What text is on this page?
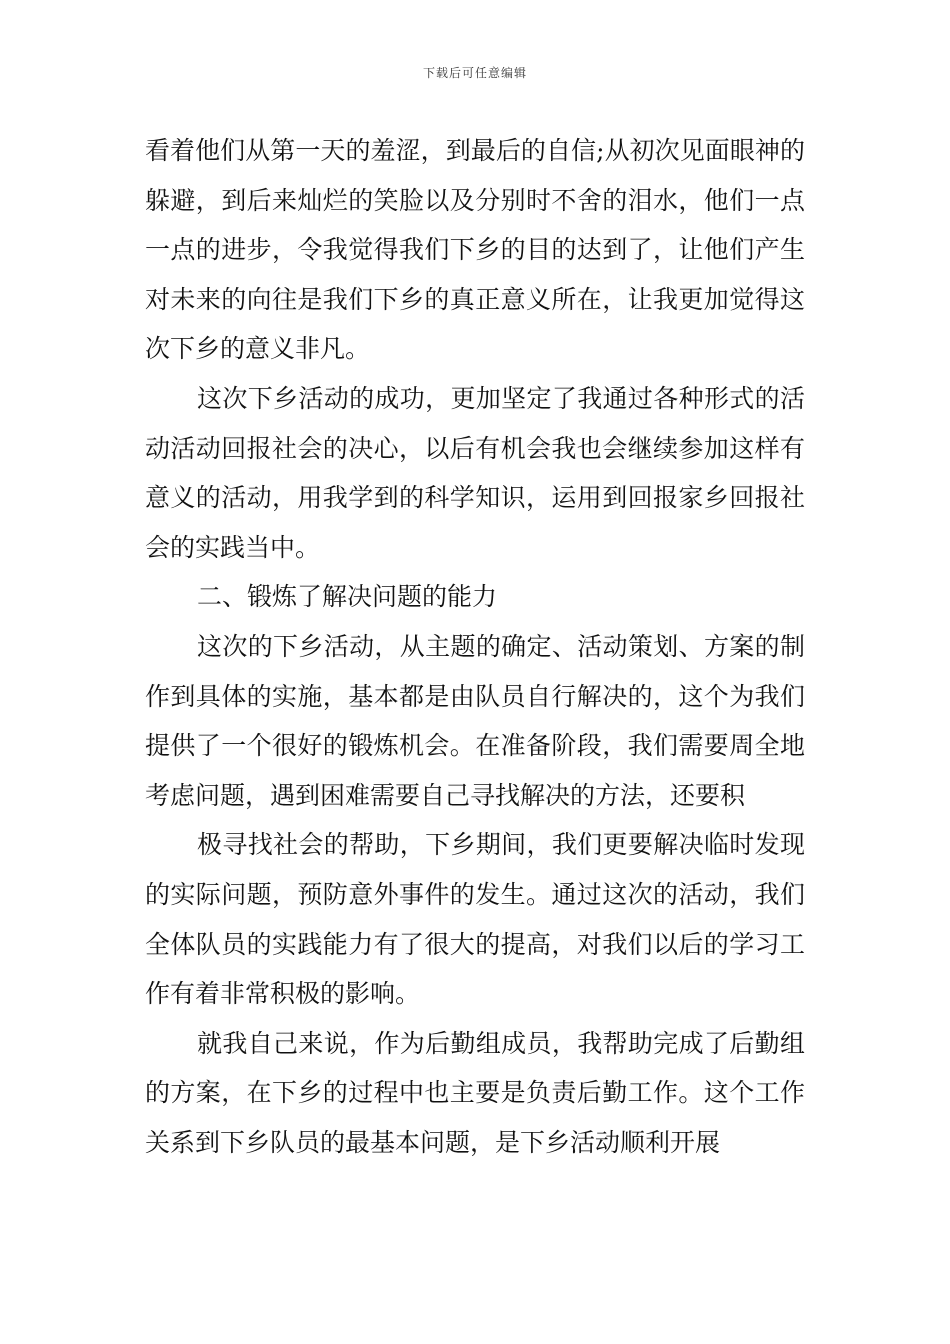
下载后可任意编辑

看着他们从第一天的羞涩，到最后的自信;从初次见面眼神的躲避，到后来灿烂的笑脸以及分别时不舍的泪水，他们一点一点的进步，令我觉得我们下乡的目的达到了，让他们产生对未来的向往是我们下乡的真正意义所在，让我更加觉得这次下乡的意义非凡。

这次下乡活动的成功，更加坚定了我通过各种形式的活动活动回报社会的决心，以后有机会我也会继续参加这样有意义的活动，用我学到的科学知识，运用到回报家乡回报社会的实践当中。

二、锻炼了解决问题的能力

这次的下乡活动，从主题的确定、活动策划、方案的制作到具体的实施，基本都是由队员自行解决的，这个为我们提供了一个很好的锻炼机会。在准备阶段，我们需要周全地考虑问题，遇到困难需要自己寻找解决的方法，还要积

极寻找社会的帮助，下乡期间，我们更要解决临时发现的实际问题，预防意外事件的发生。通过这次的活动，我们全体队员的实践能力有了很大的提高，对我们以后的学习工作有着非常积极的影响。

就我自己来说，作为后勤组成员，我帮助完成了后勤组的方案，在下乡的过程中也主要是负责后勤工作。这个工作关系到下乡队员的最基本问题，是下乡活动顺利开展
